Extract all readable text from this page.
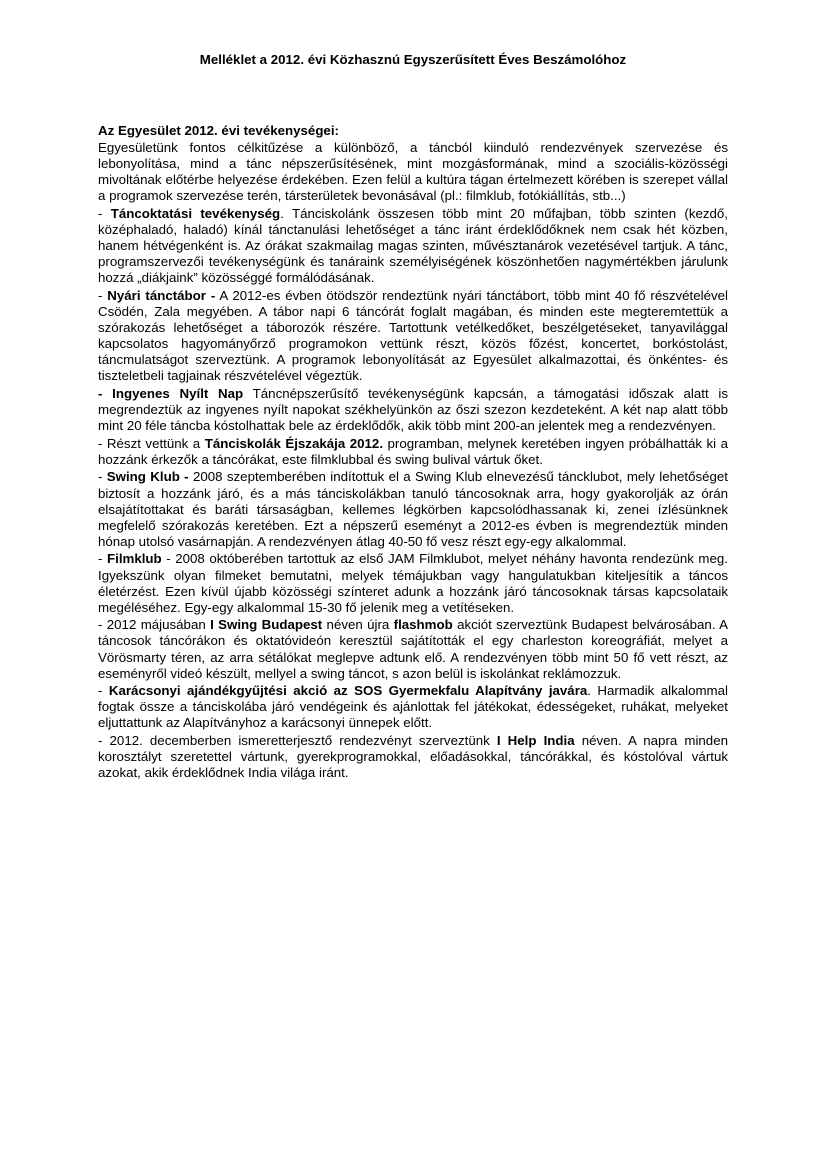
Melléklet a 2012. évi Közhasznú Egyszerűsített Éves Beszámolóhoz
Az Egyesület 2012. évi tevékenységei:

Egyesületünk fontos célkitűzése a különböző, a táncból kiinduló rendezvények szervezése és lebonyolítása, mind a tánc népszerűsítésének, mint mozgásformának, mind a szociális-közösségi mivoltának előtérbe helyezése érdekében. Ezen felül a kultúra tágan értelmezett körében is szerepet vállal a programok szervezése terén, társterületek bevonásával (pl.: filmklub, fotókiállítás, stb...)

- Táncoktatási tevékenység. Tánciskolánk összesen több mint 20 műfajban, több szinten (kezdő, középhaladó, haladó) kínál tánctanulási lehetőséget a tánc iránt érdeklődőknek nem csak hét közben, hanem hétvégenként is. Az órákat szakmailag magas szinten, művésztanárok vezetésével tartjuk. A tánc, programszervezői tevékenységünk és tanáraink személyiségének köszönhetően nagymértékben járulunk hozzá „diákjaink” közösséggé formálódásának.

- Nyári tánctábor - A 2012-es évben ötödször rendeztünk nyári tánctábort, több mint 40 fő részvételével Csödén, Zala megyében. A tábor napi 6 táncórát foglalt magában, és minden este megteremtettük a szórakozás lehetőséget a táborozók részére. Tartottunk vetélkedőket, beszélgetéseket, tanyavilággal kapcsolatos hagyományőrző programokon vettünk részt, közös főzést, koncertet, borkóstolást, táncmulatságot szerveztünk. A programok lebonyolítását az Egyesület alkalmazottai, és önkéntes- és tiszteletbeli tagjainak részvételével végeztük.

- Ingyenes Nyílt Nap Táncnépszerűsítő tevékenységünk kapcsán, a támogatási időszak alatt is megrendeztük az ingyenes nyílt napokat székhelyünkön az őszi szezon kezdeteként. A két nap alatt több mint 20 féle táncba kóstolhattak bele az érdeklődők, akik több mint 200-an jelentek meg a rendezvényen.

- Részt vettünk a Tánciskolák Éjszakája 2012. programban, melynek keretében ingyen próbálhatták ki a hozzánk érkezők a táncórákat, este filmklubbal és swing bulival vártuk őket.

- Swing Klub - 2008 szeptemberében indítottuk el a Swing Klub elnevezésű táncklubot, mely lehetőséget biztosít a hozzánk járó, és a más tánciskolákban tanuló táncosoknak arra, hogy gyakorolják az órán elsajátítottakat és baráti társaságban, kellemes légkörben kapcsolódhassanak ki, zenei ízlésünknek megfelelő szórakozás keretében. Ezt a népszerű eseményt a 2012-es évben is megrendeztük minden hónap utolsó vasárnapján. A rendezvényen átlag 40-50 fő vesz részt egy-egy alkalommal.

- Filmklub - 2008 októberében tartottuk az első JAM Filmklubot, melyet néhány havonta rendezünk meg. Igyekszünk olyan filmeket bemutatni, melyek témájukban vagy hangulatukban kiteljesítik a táncos életérzést. Ezen kívül újabb közösségi színteret adunk a hozzánk járó táncosoknak társas kapcsolataik megéléséhez. Egy-egy alkalommal 15-30 fő jelenik meg a vetítéseken.

- 2012 májusában I Swing Budapest néven újra flashmob akciót szerveztünk Budapest belvárosában. A táncosok táncórákon és oktatóvideón keresztül sajátították el egy charleston koreográfiát, melyet a Vörösmarty téren, az arra sétálókat meglepve adtunk elő. A rendezvényen több mint 50 fő vett részt, az eseményről videó készült, mellyel a swing táncot, s azon belül is iskolánkat reklámozzuk.

- Karácsonyi ajándékgyűjtési akció az SOS Gyermekfalu Alapítvány javára. Harmadik alkalommal fogtak össze a tánciskolába járó vendégeink és ajánlottak fel játékokat, édességeket, ruhákat, melyeket eljuttattunk az Alapítványhoz a karácsonyi ünnepek előtt.

- 2012. decemberben ismeretterjesztő rendezvényt szerveztünk I Help India néven. A napra minden korosztályt szeretettel vártunk, gyerekprogramokkal, előadásokkal, táncórákkal, és kóstolóval vártuk azokat, akik érdeklődnek India világa iránt.
